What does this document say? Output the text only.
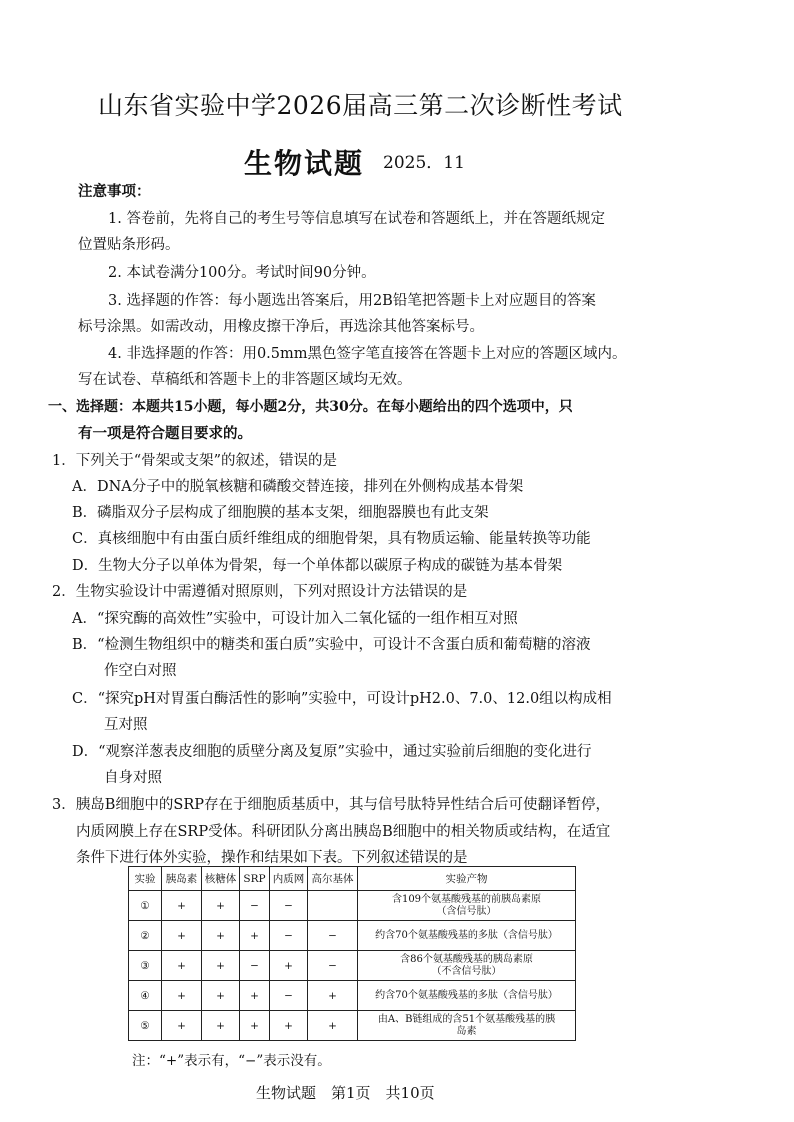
山东省实验中学2026届高三第二次诊断性考试
生物试题 2025．11
注意事项：
1. 答卷前，先将自己的考生号等信息填写在试卷和答题纸上，并在答题纸规定
位置贴条形码。
2. 本试卷满分100分。考试时间90分钟。
3. 选择题的作答：每小题选出答案后，用2B铅笔把答题卡上对应题目的答案
标号涂黑。如需改动，用橡皮擦干净后，再选涂其他答案标号。
4. 非选择题的作答：用0.5mm黑色签字笔直接答在答题卡上对应的答题区域内。
写在试卷、草稿纸和答题卡上的非答题区域均无效。
一、选择题：本题共15小题，每小题2分，共30分。在每小题给出的四个选项中，只
有一项是符合题目要求的。
1．下列关于“骨架或支架”的叙述，错误的是
A．DNA分子中的脱氧核糖和磷酸交替连接，排列在外侧构成基本骨架
B．磷脂双分子层构成了细胞膜的基本支架，细胞器膜也有此支架
C．真核细胞中有由蛋白质纤维组成的细胞骨架，具有物质运输、能量转换等功能
D．生物大分子以单体为骨架，每一个单体都以碳原子构成的碳链为基本骨架
2．生物实验设计中需遵循对照原则，下列对照设计方法错误的是
A．“探究酶的高效性”实验中，可设计加入二氧化锰的一组作相互对照
B．“检测生物组织中的糖类和蛋白质”实验中，可设计不含蛋白质和葡萄糖的溶液
作空白对照
C．“探究pH对胃蛋白酶活性的影响”实验中，可设计pH2.0、7.0、12.0组以构成相
互对照
D．“观察洋葱表皮细胞的质壁分离及复原”实验中，通过实验前后细胞的变化进行
自身对照
3．胰岛B细胞中的SRP存在于细胞质基质中，其与信号肽特异性结合后可使翻译暂停，
内质网膜上存在SRP受体。科研团队分离出胰岛B细胞中的相关物质或结构，在适宜
条件下进行体外实验，操作和结果如下表。下列叙述错误的是
实验	胰岛素	核糖体	SRP	内质网	高尔基体	实验产物
①	+	+	−	−		含109个氨基酸残基的前胰岛素原
（含信号肽）

②	+	+	+	−	−	约含70个氨基酸残基的多肽（含信号肽）

③	+	+	−	+	−	含86个氨基酸残基的胰岛素原
（不含信号肽）

④	+	+	+	−	+	约含70个氨基酸残基的多肽（含信号肽）

⑤	+	+	+	+	+	由A、B链组成的含51个氨基酸残基的胰
岛素
注：“+”表示有，“−”表示没有。
生物试题　第1页　共10页
